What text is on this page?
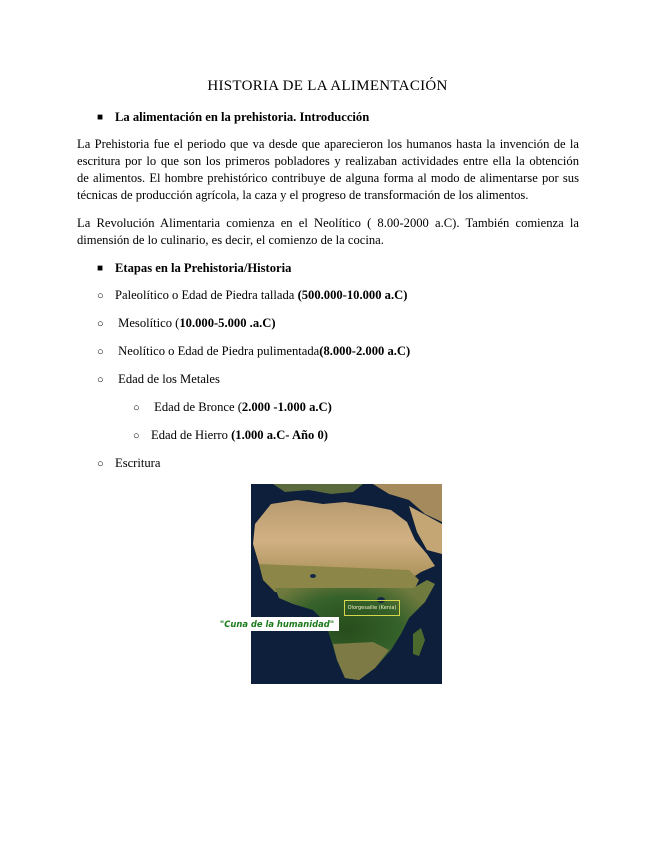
HISTORIA DE LA ALIMENTACIÓN
■ La alimentación en la prehistoria. Introducción
La Prehistoria fue el periodo que va desde que aparecieron los humanos hasta la invención de la
escritura por lo que son los primeros pobladores y realizaban actividades entre ella la obtención
de alimentos. El hombre prehistórico contribuye de alguna forma al modo de alimentarse por sus
técnicas de producción agrícola, la caza y el progreso de transformación de los alimentos.
La Revolución Alimentaria comienza en el Neolítico ( 8.00-2000 a.C). También comienza la
dimensión de lo culinario, es decir, el comienzo de la cocina.
■ Etapas en la Prehistoria/Historia
○ Paleolítico o Edad de Piedra tallada (500.000-10.000 a.C)
○ Mesolítico (10.000-5.000 .a.C)
○ Neolítico o Edad de Piedra pulimentada(8.000-2.000 a.C)
○ Edad de los Metales
○ Edad de Bronce (2.000 -1.000 a.C)
○ Edad de Hierro (1.000 a.C- Año 0)
○ Escritura
Olorgesailie (Kenia)
"Cuna de la humanidad"
